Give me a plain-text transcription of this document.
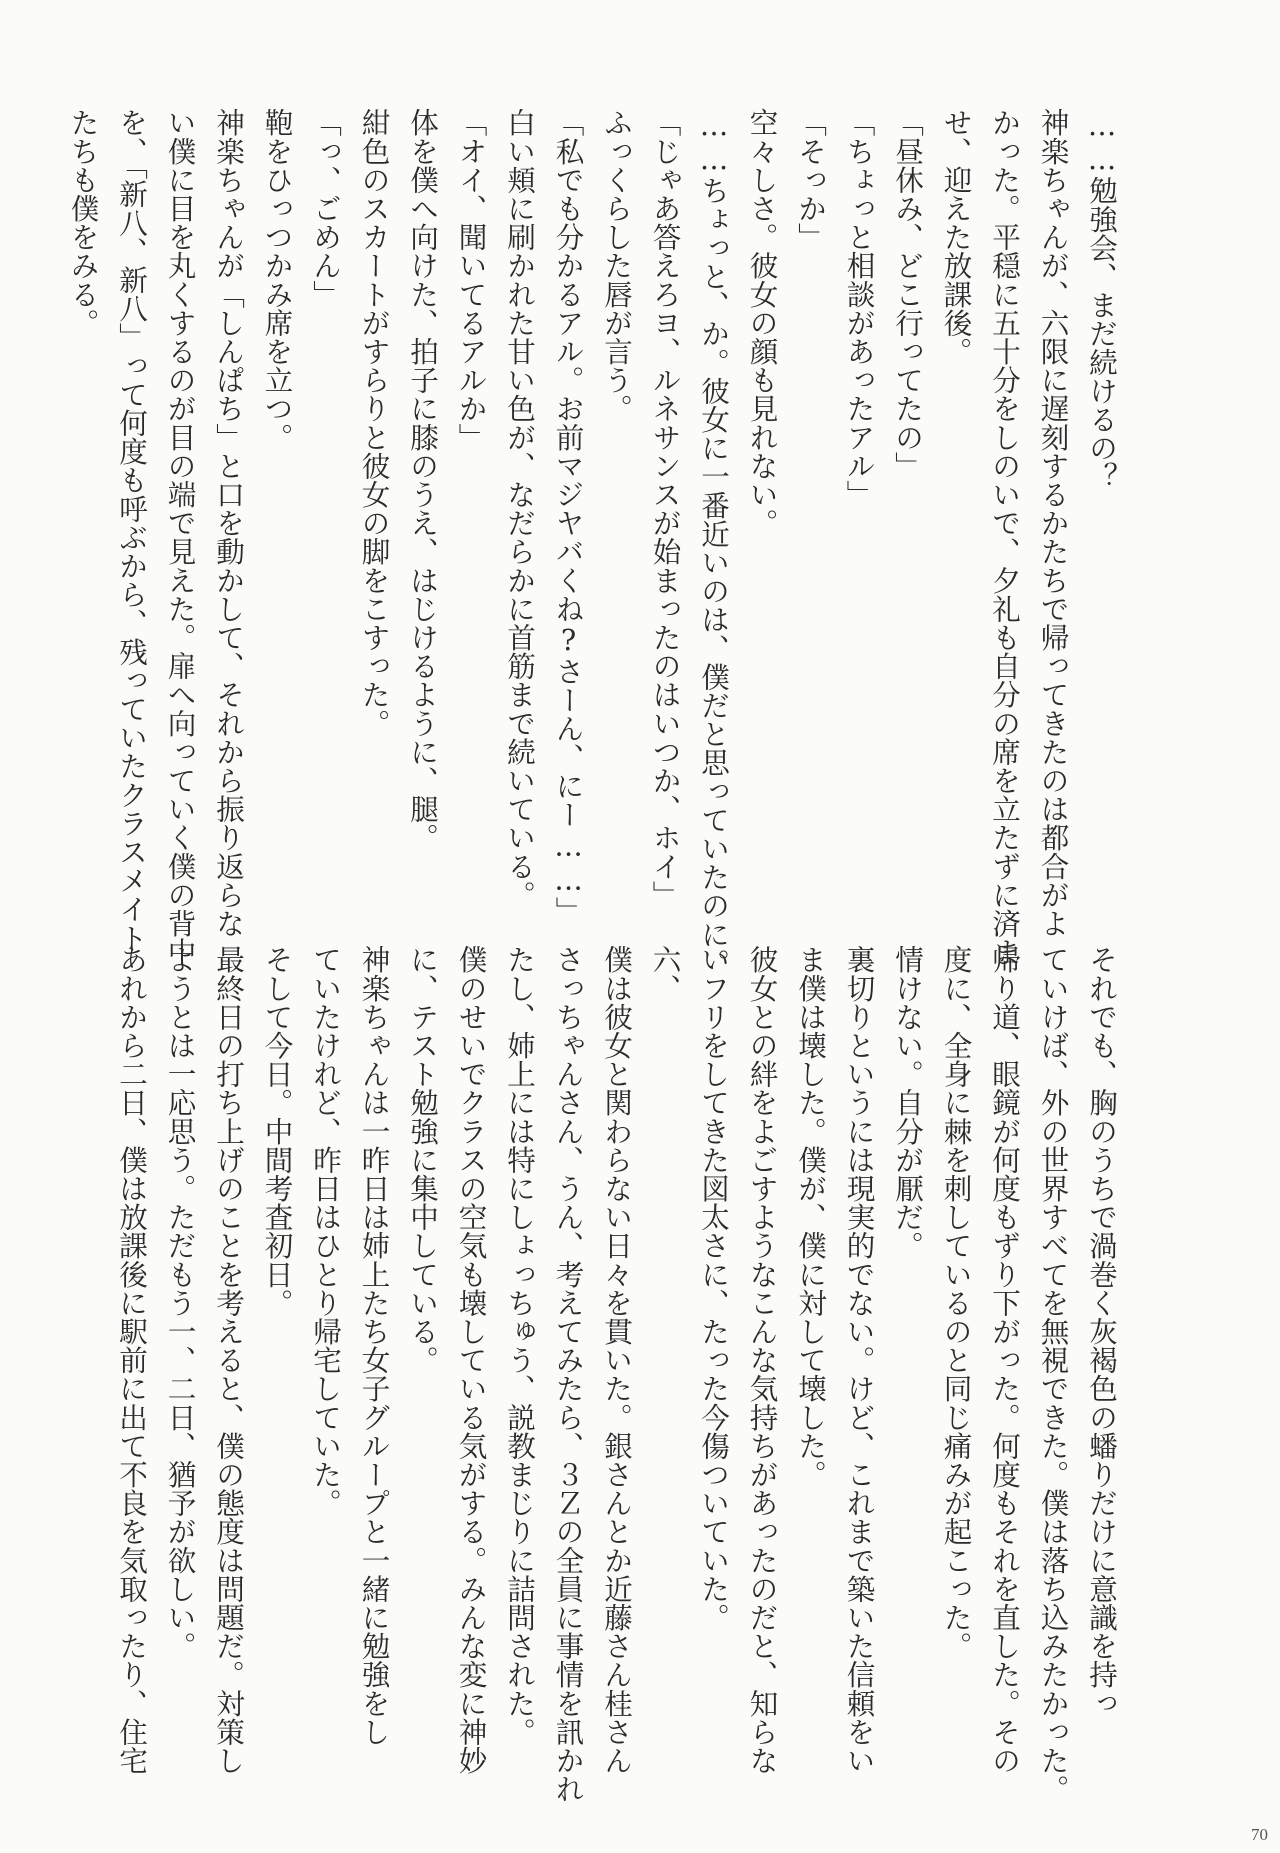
……勉強会、まだ続けるの？

神楽ちゃんが、六限に遅刻するかたちで帰ってきたのは都合がよ

かった。平穏に五十分をしのいで、夕礼も自分の席を立たずに済ま

せ、迎えた放課後。

「昼休み、どこ行ってたの」

「ちょっと相談があったアル」

「そっか」

空々しさ。彼女の顔も見れない。

……ちょっと、か。彼女に一番近いのは、僕だと思っていたのに。

「じゃあ答えろヨ、ルネサンスが始まったのはいつか、ホイ」

ふっくらした唇が言う。

「私でも分かるアル。お前マジヤバくね?さーん、にー……」

白い頬に刷かれた甘い色が、なだらかに首筋まで続いている。

「オイ、聞いてるアルか」

体を僕へ向けた、拍子に膝のうえ、はじけるように、腿。

紺色のスカートがすらりと彼女の脚をこすった。

「っ、ごめん」

鞄をひっつかみ席を立つ。

神楽ちゃんが「しんぱち」と口を動かして、それから振り返らな

い僕に目を丸くするのが目の端で見えた。扉へ向っていく僕の背中

を、「新八、新八」って何度も呼ぶから、残っていたクラスメイト

たちも僕をみる。

それでも、胸のうちで渦巻く灰褐色の蟠りだけに意識を持っ

ていけば、外の世界すべてを無視できた。僕は落ち込みたかった。

帰り道、眼鏡が何度もずり下がった。何度もそれを直した。その

度に、全身に棘を刺しているのと同じ痛みが起こった。

情けない。自分が厭だ。

裏切りというには現実的でない。けど、これまで築いた信頼をい

ま僕は壊した。僕が、僕に対して壊した。

彼女との絆をよごすようなこんな気持ちがあったのだと、知らな

いフリをしてきた図太さに、たった今傷ついていた。

六、

僕は彼女と関わらない日々を貫いた。銀さんとか近藤さん桂さん

さっちゃんさん、うん、考えてみたら、３Ｚの全員に事情を訊かれ

たし、姉上には特にしょっちゅう、説教まじりに詰問された。

僕のせいでクラスの空気も壊している気がする。みんな変に神妙

に、テスト勉強に集中している。

神楽ちゃんは一昨日は姉上たち女子グループと一緒に勉強をし

ていたけれど、昨日はひとり帰宅していた。

そして今日。中間考査初日。

最終日の打ち上げのことを考えると、僕の態度は問題だ。対策し

ようとは一応思う。ただもう一、二日、猶予が欲しい。

あれから二日、僕は放課後に駅前に出て不良を気取ったり、住宅

70
